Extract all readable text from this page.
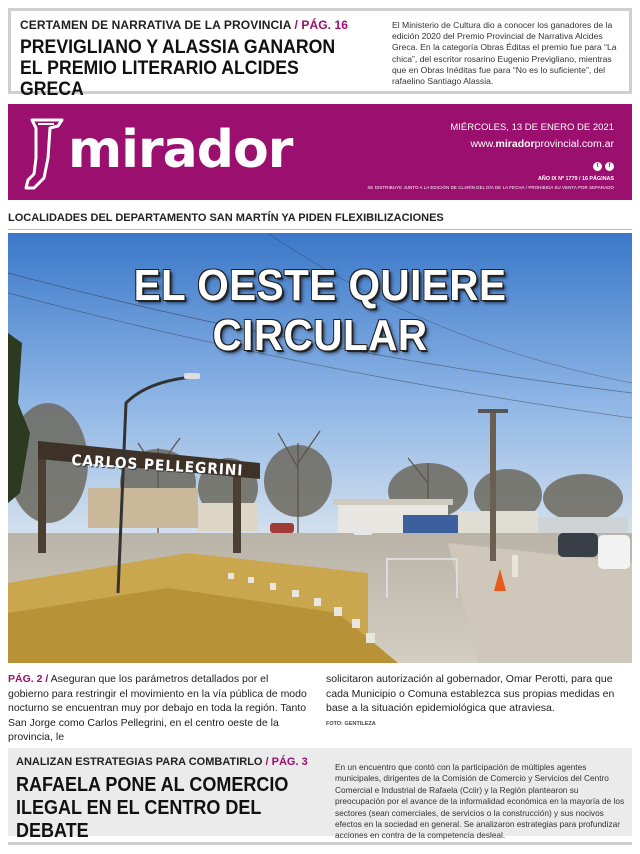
CERTAMEN DE NARRATIVA DE LA PROVINCIA / PÁG. 16
PREVIGLIANO Y ALASSIA GANARON
EL PREMIO LITERARIO ALCIDES GRECA
El Ministerio de Cultura dio a conocer los ganadores de la edición 2020 del Premio Provincial de Narrativa Alcides Greca. En la categoría Obras Éditas el premio fue para “La chica”, del escritor rosarino Eugenio Previgliano, mientras que en Obras Inéditas fue para “No es lo suficiente”, del rafaelino Santiago Alassia.
mirador	MIÉRCOLES, 13 DE ENERO DE 2021
www.miradorprovincial.com.ar
t	f
AÑO IX Nº 1779 / 16 PÁGINAS
SE DISTRIBUYE JUNTO A LA EDICIÓN DE CLARÍN DEL DÍA DE LA FECHA / PROHIBIDA SU VENTA POR SEPARADO
LOCALIDADES DEL DEPARTAMENTO SAN MARTÍN YA PIDEN FLEXIBILIZACIONES
CARLOS PELLEGRINI
EL OESTE QUIERE CIRCULAR
PÁG. 2 / Aseguran que los parámetros detallados por el gobierno para restringir el movimiento en la vía pública de modo nocturno se encuentran muy por debajo en toda la región. Tanto San Jorge como Carlos Pellegrini, en el centro oeste de la provincia, le
solicitaron autorización al gobernador, Omar Perotti, para que cada Municipio o Comuna establezca sus propias medidas en base a la situación epidemiológica que atraviesa.
FOTO: GENTILEZA
ANALIZAN ESTRATEGIAS PARA COMBATIRLO / PÁG. 3
RAFAELA PONE AL COMERCIO
ILEGAL EN EL CENTRO DEL DEBATE
En un encuentro que contó con la participación de múltiples agentes municipales, dirigentes de la Comisión de Comercio y Servicios del Centro Comercial e Industrial de Rafaela (Cciir) y la Región plantearon su preocupación por el avance de la informalidad económica en la mayoría de los sectores (sean comerciales, de servicios o la construcción) y sus nocivos efectos en la sociedad en general. Se analizaron estrategias para profundizar acciones en contra de la competencia desleal.
